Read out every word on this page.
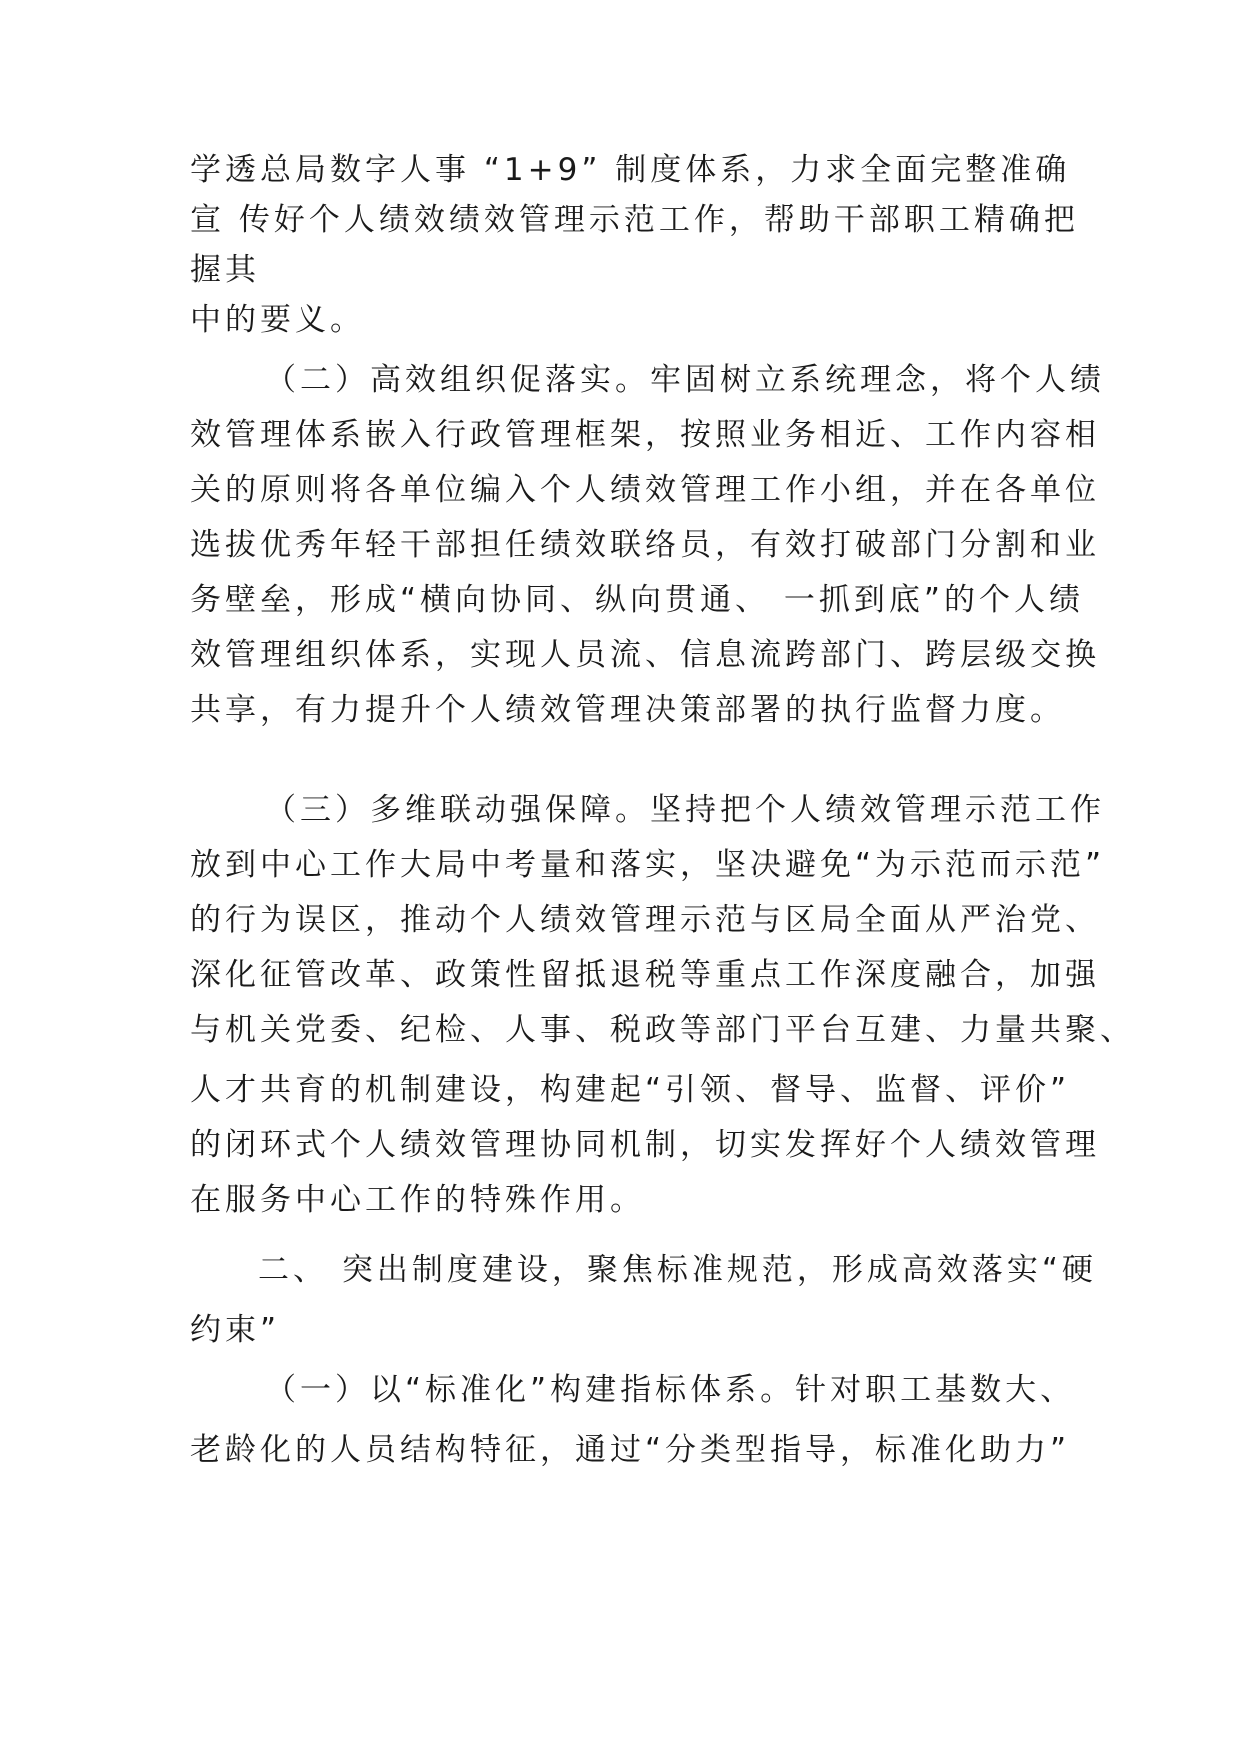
学透总局数字人事 “1+9” 制度体系，力求全面完整准确
宣 传好个人绩效绩效管理示范工作，帮助干部职工精确把
握其
中的要义。
（二）高效组织促落实。牢固树立系统理念，将个人绩
效管理体系嵌入行政管理框架，按照业务相近、工作内容相
关的原则将各单位编入个人绩效管理工作小组，并在各单位
选拔优秀年轻干部担任绩效联络员，有效打破部门分割和业
务壁垒，形成“横向协同、纵向贯通、 一抓到底”的个人绩
效管理组织体系，实现人员流、信息流跨部门、跨层级交换
共享，有力提升个人绩效管理决策部署的执行监督力度。
（三）多维联动强保障。坚持把个人绩效管理示范工作
放到中心工作大局中考量和落实，坚决避免“为示范而示范”
的行为误区，推动个人绩效管理示范与区局全面从严治党、
深化征管改革、政策性留抵退税等重点工作深度融合，加强
与机关党委、纪检、人事、税政等部门平台互建、力量共聚、
人才共育的机制建设，构建起“引领、督导、监督、评价”
的闭环式个人绩效管理协同机制，切实发挥好个人绩效管理
在服务中心工作的特殊作用。
二、 突出制度建设，聚焦标准规范，形成高效落实“硬
约束”
（一）以“标准化”构建指标体系。针对职工基数大、
老龄化的人员结构特征，通过“分类型指导，标准化助力”
